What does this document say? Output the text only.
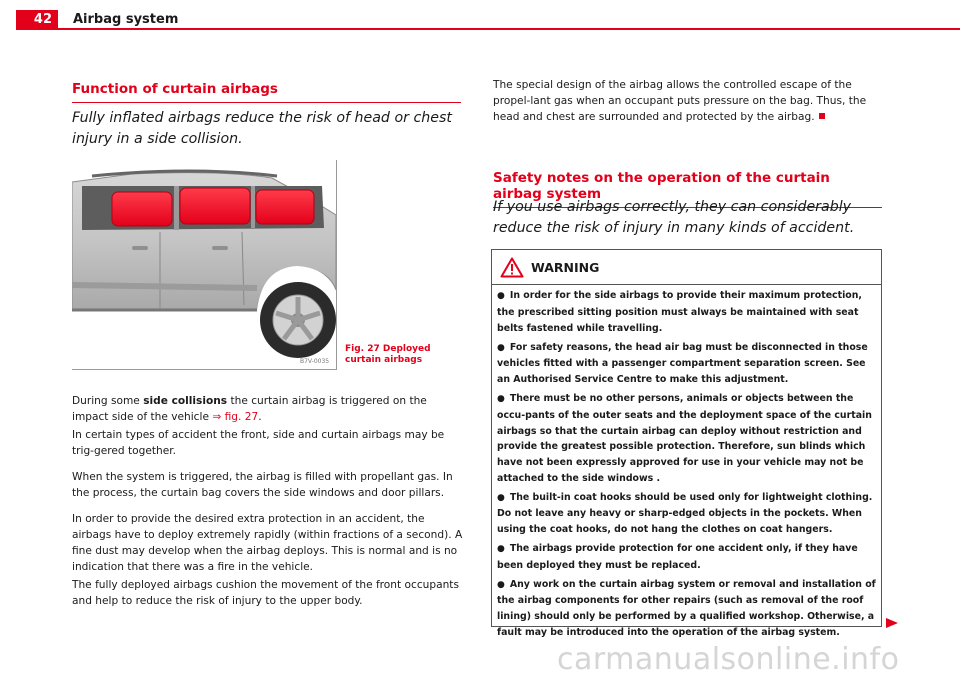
42	Airbag system
Function of curtain airbags
Fully inflated airbags reduce the risk of head or chest injury in a side collision.
B7V-0035
Fig. 27 Deployed curtain airbags
During some side collisions the curtain airbag is triggered on the impact side of the vehicle ⇒ fig. 27.
In certain types of accident the front, side and curtain airbags may be trig-gered together.
When the system is triggered, the airbag is filled with propellant gas. In the process, the curtain bag covers the side windows and door pillars.
In order to provide the desired extra protection in an accident, the airbags have to deploy extremely rapidly (within fractions of a second). A fine dust may develop when the airbag deploys. This is normal and is no indication that there was a fire in the vehicle.
The fully deployed airbags cushion the movement of the front occupants and help to reduce the risk of injury to the upper body.
The special design of the airbag allows the controlled escape of the propel-lant gas when an occupant puts pressure on the bag. Thus, the head and chest are surrounded and protected by the airbag.
Safety notes on the operation of the curtain airbag system
If you use airbags correctly, they can considerably reduce the risk of injury in many kinds of accident.
WARNING
● In order for the side airbags to provide their maximum protection, the prescribed sitting position must always be maintained with seat belts fastened while travelling.
● For safety reasons, the head air bag must be disconnected in those vehicles fitted with a passenger compartment separation screen. See an Authorised Service Centre to make this adjustment.
● There must be no other persons, animals or objects between the occu-pants of the outer seats and the deployment space of the curtain airbags so that the curtain airbag can deploy without restriction and provide the greatest possible protection. Therefore, sun blinds which have not been expressly approved for use in your vehicle may not be attached to the side windows .
● The built-in coat hooks should be used only for lightweight clothing. Do not leave any heavy or sharp-edged objects in the pockets. When using the coat hooks, do not hang the clothes on coat hangers.
● The airbags provide protection for one accident only, if they have been deployed they must be replaced.
● Any work on the curtain airbag system or removal and installation of the airbag components for other repairs (such as removal of the roof lining) should only be performed by a qualified workshop. Otherwise, a fault may be introduced into the operation of the airbag system.
carmanualsonline.info
